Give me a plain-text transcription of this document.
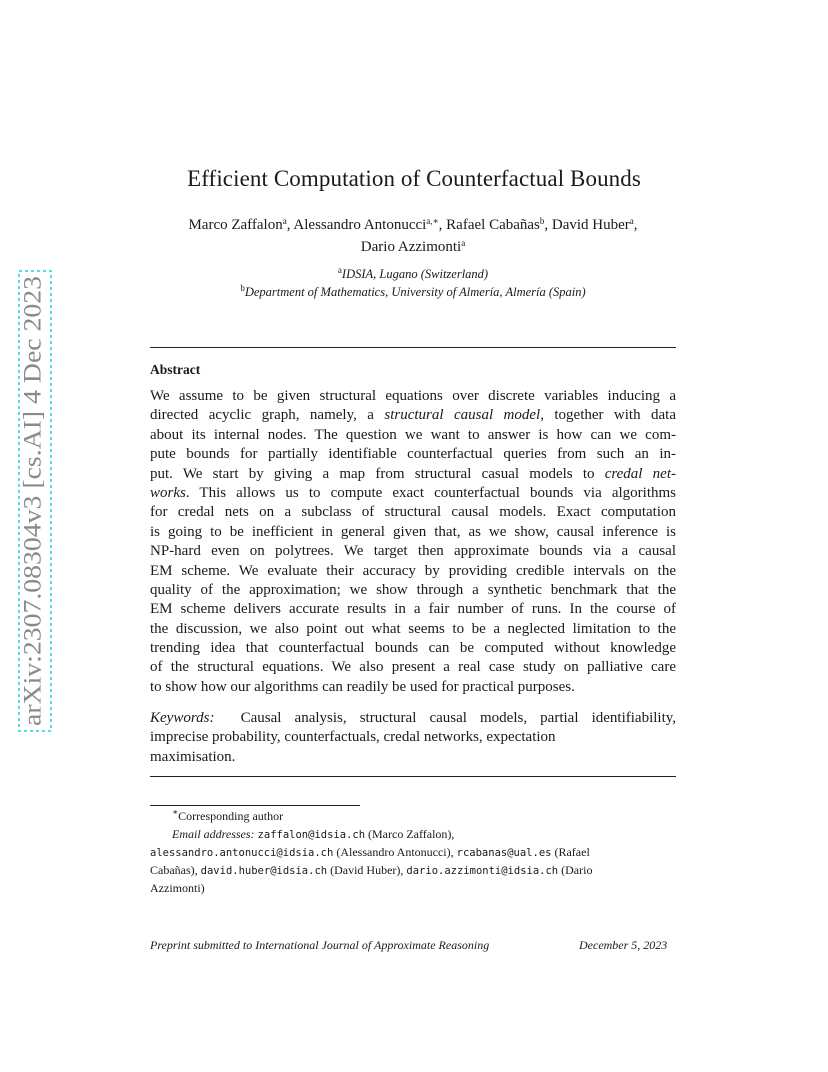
arXiv:2307.08304v3 [cs.AI] 4 Dec 2023
Efficient Computation of Counterfactual Bounds
Marco Zaffalon$^a$, Alessandro Antonucci$^{a,∗}$, Rafael Cabañas$^b$, David Huber$^a$,
Dario Azzimonti$^a$
$^a$IDSIA, Lugano (Switzerland)
$^b$Department of Mathematics, University of Almería, Almería (Spain)
Abstract
We assume to be given structural equations over discrete variables inducing a
directed acyclic graph, namely, a structural causal model, together with data
about its internal nodes. The question we want to answer is how can we com-
pute bounds for partially identifiable counterfactual queries from such an in-
put. We start by giving a map from structural casual models to credal net-
works. This allows us to compute exact counterfactual bounds via algorithms
for credal nets on a subclass of structural causal models. Exact computation
is going to be inefficient in general given that, as we show, causal inference is
NP-hard even on polytrees. We target then approximate bounds via a causal
EM scheme. We evaluate their accuracy by providing credible intervals on the
quality of the approximation; we show through a synthetic benchmark that the
EM scheme delivers accurate results in a fair number of runs. In the course of
the discussion, we also point out what seems to be a neglected limitation to the
trending idea that counterfactual bounds can be computed without knowledge
of the structural equations. We also present a real case study on palliative care
to show how our algorithms can readily be used for practical purposes.
Keywords: Causal analysis, structural causal models, partial identifiability,
imprecise probability, counterfactuals, credal networks, expectation
maximisation.
∗Corresponding author
Email addresses: zaffalon@idsia.ch (Marco Zaffalon),
alessandro.antonucci@idsia.ch (Alessandro Antonucci), rcabanas@ual.es (Rafael
Cabañas), david.huber@idsia.ch (David Huber), dario.azzimonti@idsia.ch (Dario
Azzimonti)
Preprint submitted to International Journal of Approximate Reasoning	December 5, 2023
